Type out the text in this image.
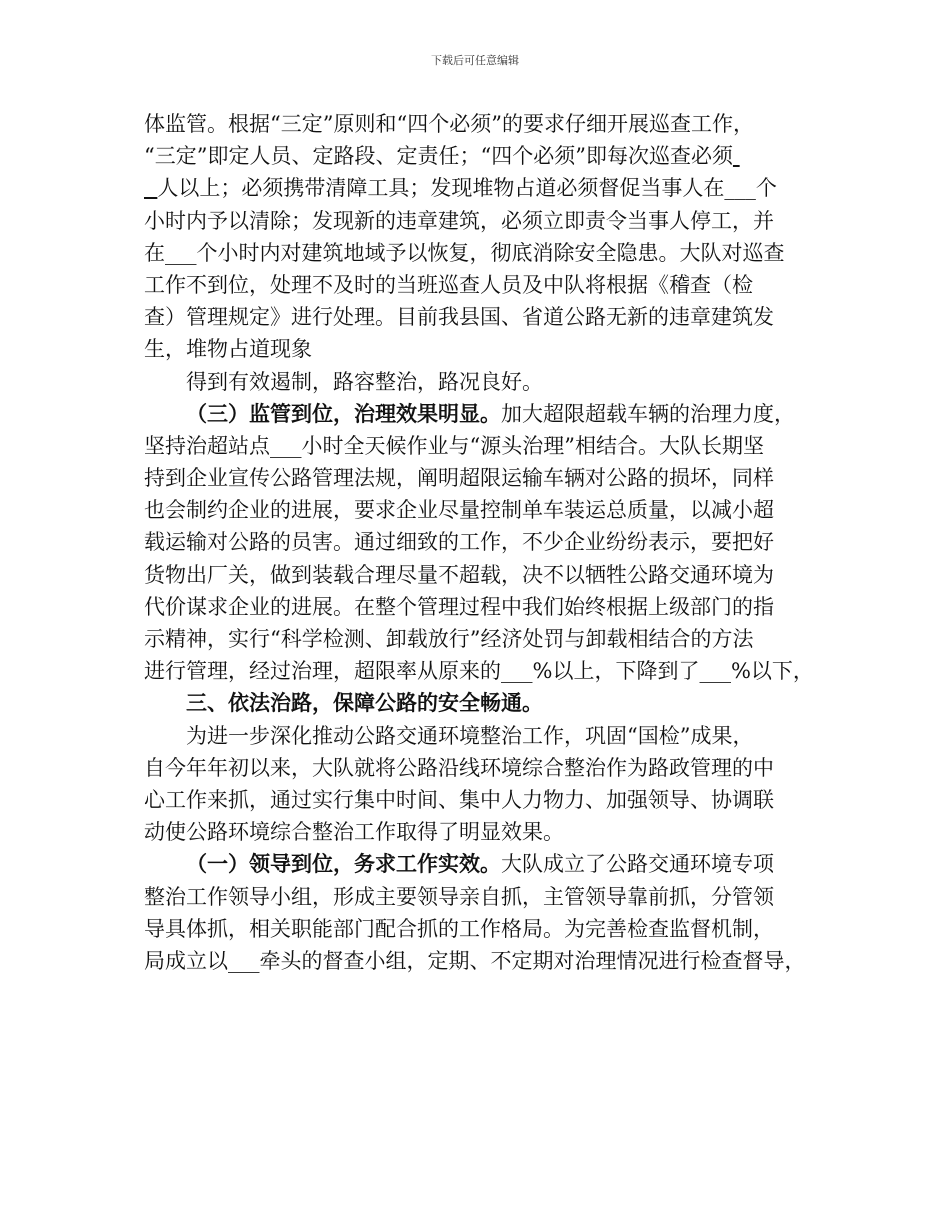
下载后可任意编辑
体监管。根据“三定”原则和“四个必须”的要求仔细开展巡查工作，
“三定”即定人员、定路段、定责任；“四个必须”即每次巡查必须
人以上；必须携带清障工具；发现堆物占道必须督促当事人在___个
小时内予以清除；发现新的违章建筑，必须立即责令当事人停工，并
在___个小时内对建筑地域予以恢复，彻底消除安全隐患。大队对巡查
工作不到位，处理不及时的当班巡查人员及中队将根据《稽查（检
查）管理规定》进行处理。目前我县国、省道公路无新的违章建筑发
生，堆物占道现象
得到有效遏制，路容整治，路况良好。
（三）监管到位，治理效果明显。加大超限超载车辆的治理力度，
坚持治超站点___小时全天候作业与“源头治理”相结合。大队长期坚
持到企业宣传公路管理法规，阐明超限运输车辆对公路的损坏，同样
也会制约企业的进展，要求企业尽量控制单车装运总质量，以减小超
载运输对公路的员害。通过细致的工作，不少企业纷纷表示，要把好
货物出厂关，做到装载合理尽量不超载，决不以牺牲公路交通环境为
代价谋求企业的进展。在整个管理过程中我们始终根据上级部门的指
示精神，实行“科学检测、卸载放行”经济处罚与卸载相结合的方法
进行管理，经过治理，超限率从原来的___%以上，下降到了___%以下，
三、依法治路，保障公路的安全畅通。
为进一步深化推动公路交通环境整治工作，巩固“国检”成果，
自今年年初以来，大队就将公路沿线环境综合整治作为路政管理的中
心工作来抓，通过实行集中时间、集中人力物力、加强领导、协调联
动使公路环境综合整治工作取得了明显效果。
（一）领导到位，务求工作实效。大队成立了公路交通环境专项
整治工作领导小组，形成主要领导亲自抓，主管领导靠前抓，分管领
导具体抓，相关职能部门配合抓的工作格局。为完善检查监督机制，
局成立以___牵头的督查小组，定期、不定期对治理情况进行检查督导，
